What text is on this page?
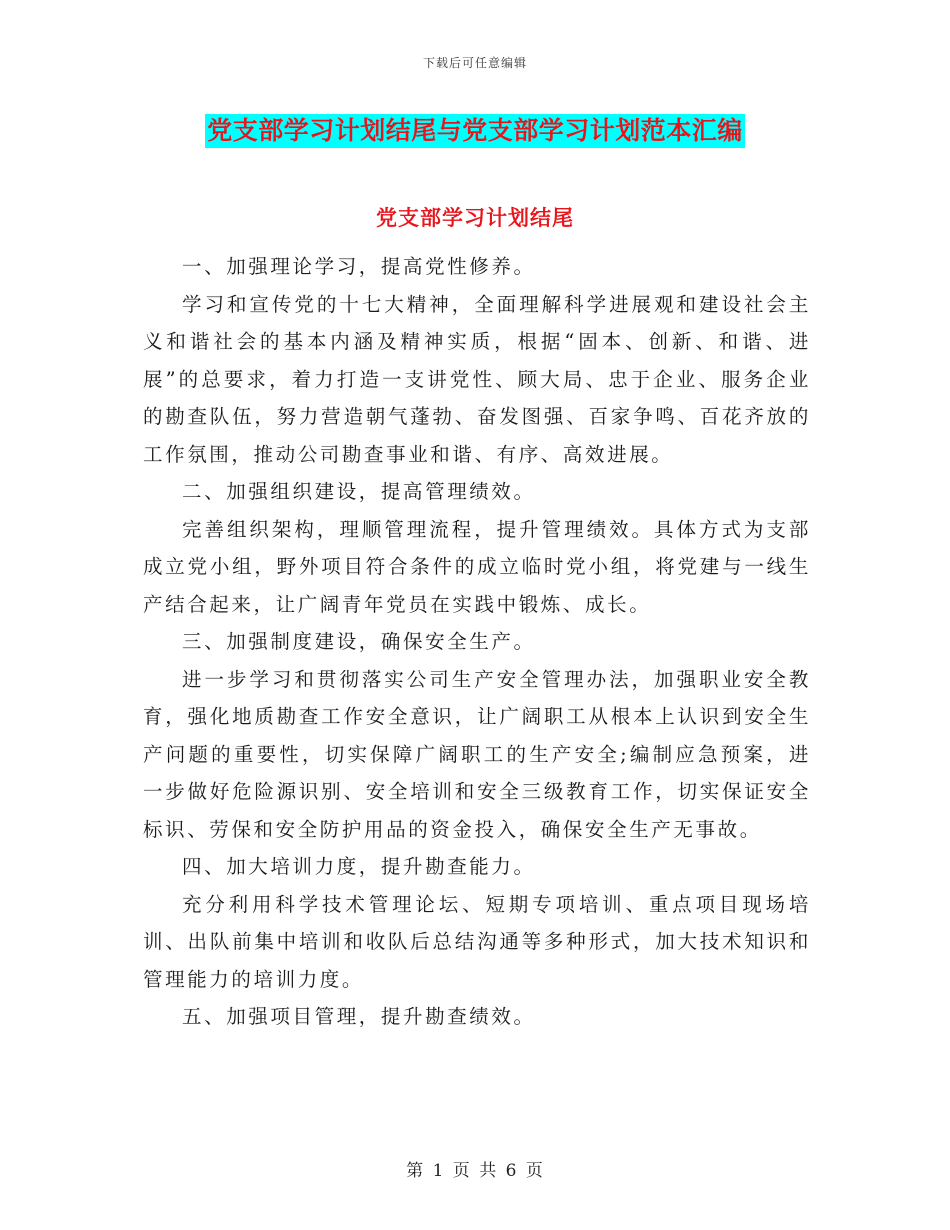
下载后可任意编辑
党支部学习计划结尾与党支部学习计划范本汇编
党支部学习计划结尾

一、加强理论学习，提高党性修养。

学习和宣传党的十七大精神，全面理解科学进展观和建设社会主义和谐社会的基本内涵及精神实质，根据“固本、创新、和谐、进展”的总要求，着力打造一支讲党性、顾大局、忠于企业、服务企业的勘查队伍，努力营造朝气蓬勃、奋发图强、百家争鸣、百花齐放的工作氛围，推动公司勘查事业和谐、有序、高效进展。

二、加强组织建设，提高管理绩效。

完善组织架构，理顺管理流程，提升管理绩效。具体方式为支部成立党小组，野外项目符合条件的成立临时党小组，将党建与一线生产结合起来，让广阔青年党员在实践中锻炼、成长。

三、加强制度建设，确保安全生产。

进一步学习和贯彻落实公司生产安全管理办法，加强职业安全教育，强化地质勘查工作安全意识，让广阔职工从根本上认识到安全生产问题的重要性，切实保障广阔职工的生产安全;编制应急预案，进一步做好危险源识别、安全培训和安全三级教育工作，切实保证安全标识、劳保和安全防护用品的资金投入，确保安全生产无事故。

四、加大培训力度，提升勘查能力。

充分利用科学技术管理论坛、短期专项培训、重点项目现场培训、出队前集中培训和收队后总结沟通等多种形式，加大技术知识和管理能力的培训力度。

五、加强项目管理，提升勘查绩效。

第 1 页 共 6 页
